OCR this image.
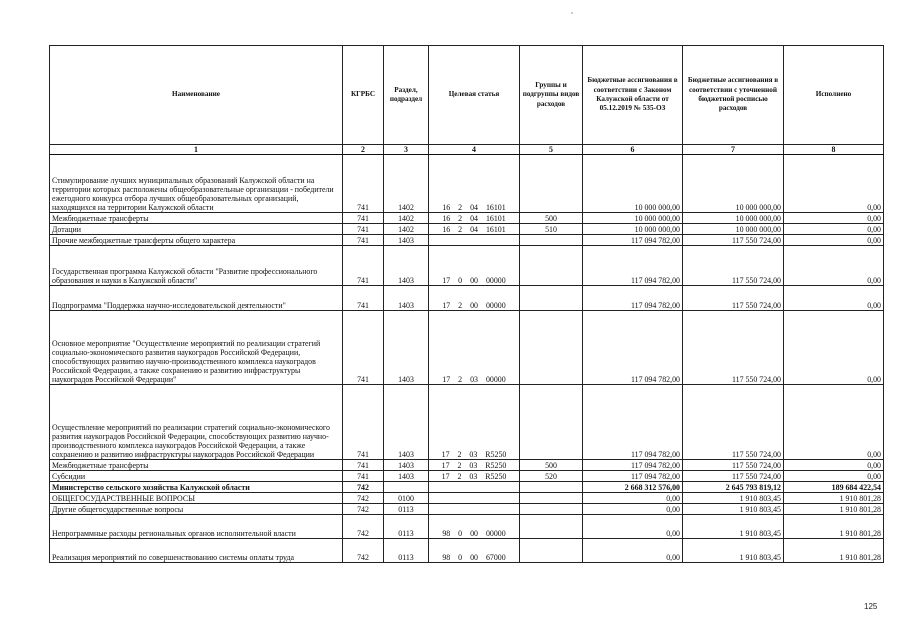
Наименование	КГРБС	Раздел, подраздел	Целевая статья	Группы и подгруппы видов расходов	Бюджетные ассигнования в соответствии с Законом Калужской области от 05.12.2019 № 535-ОЗ	Бюджетные ассигнования в соответствии с уточненной бюджетной росписью расходов	Исполнено
1	2	3	4	5	6	7	8
Стимулирование лучших муниципальных образований Калужской области на территории которых расположены общеобразовательные организации - победители ежегодного конкурса отбора лучших общеобразовательных организаций, находящихся на территории Калужской области	741	1402	16 2 04 16101		10 000 000,00	10 000 000,00	0,00
Межбюджетные трансферты	741	1402	16 2 04 16101	500	10 000 000,00	10 000 000,00	0,00
Дотации	741	1402	16 2 04 16101	510	10 000 000,00	10 000 000,00	0,00
Прочие межбюджетные трансферты общего характера	741	1403			117 094 782,00	117 550 724,00	0,00
Государственная программа Калужской области "Развитие профессионального образования и науки в Калужской области"	741	1403	17 0 00 00000		117 094 782,00	117 550 724,00	0,00
Подпрограмма "Поддержка научно-исследовательской деятельности"	741	1403	17 2 00 00000		117 094 782,00	117 550 724,00	0,00
Основное мероприятие "Осуществление мероприятий по реализации стратегий социально-экономического развития наукоградов Российской Федерации, способствующих развитию научно-производственного комплекса наукоградов Российской Федерации, а также сохранению и развитию инфраструктуры наукоградов Российской Федерации"	741	1403	17 2 03 00000		117 094 782,00	117 550 724,00	0,00
Осуществление мероприятий по реализации стратегий социально-экономического развития наукоградов Российской Федерации, способствующих развитию научно-производственного комплекса наукоградов Российской Федерации, а также сохранению и развитию инфраструктуры наукоградов Российской Федерации	741	1403	17 2 03 R5250		117 094 782,00	117 550 724,00	0,00
Межбюджетные трансферты	741	1403	17 2 03 R5250	500	117 094 782,00	117 550 724,00	0,00
Субсидии	741	1403	17 2 03 R5250	520	117 094 782,00	117 550 724,00	0,00
Министерство сельского хозяйства Калужской области	742				2 668 312 576,00	2 645 793 819,12	189 684 422,54
ОБЩЕГОСУДАРСТВЕННЫЕ ВОПРОСЫ	742	0100			0,00	1 910 803,45	1 910 801,28
Другие общегосударственные вопросы	742	0113			0,00	1 910 803,45	1 910 801,28
Непрограммные расходы региональных органов исполнительной власти	742	0113	98 0 00 00000		0,00	1 910 803,45	1 910 801,28
Реализация мероприятий по совершенствованию системы оплаты труда	742	0113	98 0 00 67000		0,00	1 910 803,45	1 910 801,28
125
